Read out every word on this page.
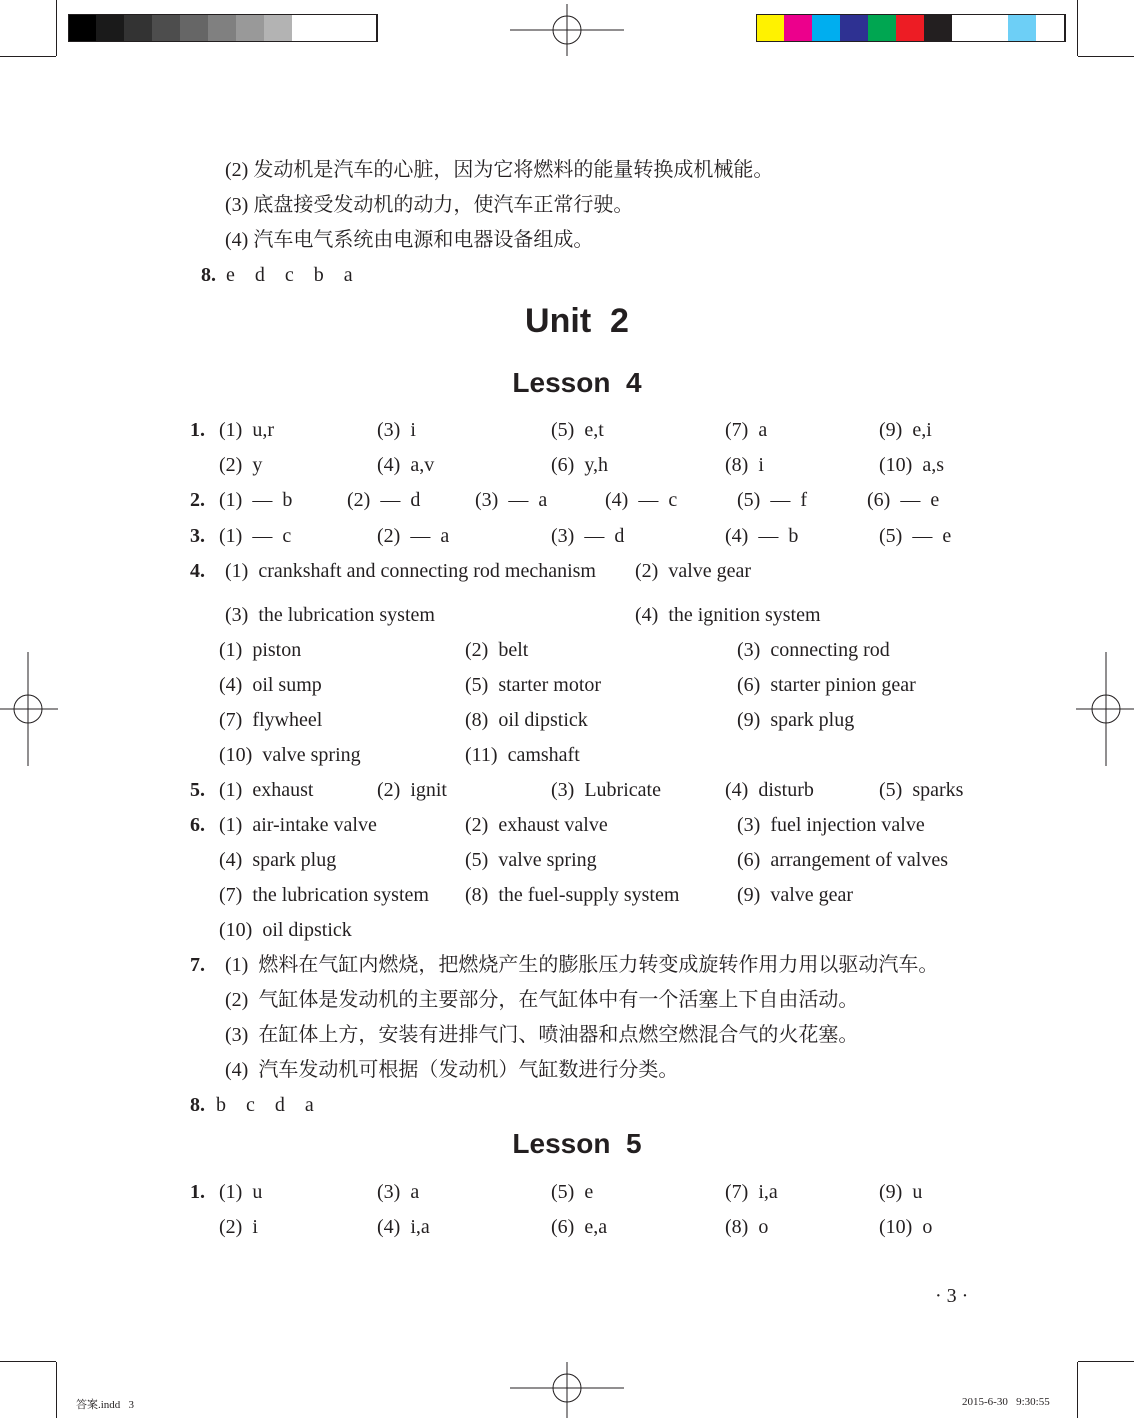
(2) 发动机是汽车的心脏，因为它将燃料的能量转换成机械能。
(3) 底盘接受发动机的动力，使汽车正常行驶。
(4) 汽车电气系统由电源和电器设备组成。
8. e    d    c    b    a
Unit  2
Lesson  4
1. (1)  u,r	(3)  i	(5)  e,t	(7)  a	(9)  e,i
(2)  y	(4)  a,v	(6)  y,h	(8)  i	(10)  a,s
2. (1)  —  b	(2)  —  d	(3)  —  a	(4)  —  c	(5)  —  f	(6)  —  e
3. (1)  —  c	(2)  —  a	(3)  —  d	(4)  —  b	(5)  —  e
4. (1)  crankshaft and connecting rod mechanism (2)  valve gear
(3)  the lubrication system	(4)  the ignition system
(1)  piston	(2)  belt	(3)  connecting rod
(4)  oil sump	(5)  starter motor	(6)  starter pinion gear
(7)  flywheel	(8)  oil dipstick	(9)  spark plug
(10)  valve spring	(11)  camshaft
5. (1)  exhaust	(2)  ignit	(3)  Lubricate	(4)  disturb	(5)  sparks
6. (1)  air-intake valve	(2)  exhaust valve	(3)  fuel injection valve
(4)  spark plug	(5)  valve spring	(6)  arrangement of valves
(7)  the lubrication system (8)  the fuel-supply system	(9)  valve gear
(10)  oil dipstick
7. (1)  燃料在气缸内燃烧，把燃烧产生的膨胀压力转变成旋转作用力用以驱动汽车。
(2)  气缸体是发动机的主要部分，在气缸体中有一个活塞上下自由活动。
(3)  在缸体上方，安装有进排气门、喷油器和点燃空燃混合气的火花塞。
(4)  汽车发动机可根据（发动机）气缸数进行分类。
8. b    c    d    a
Lesson  5
1. (1)  u	(3)  a	(5)  e	(7)  i,a	(9)  u
(2)  i	(4)  i,a	(6)  e,a	(8)  o	(10)  o
· 3 ·
答案.indd   3	2015-6-30   9:30:55
